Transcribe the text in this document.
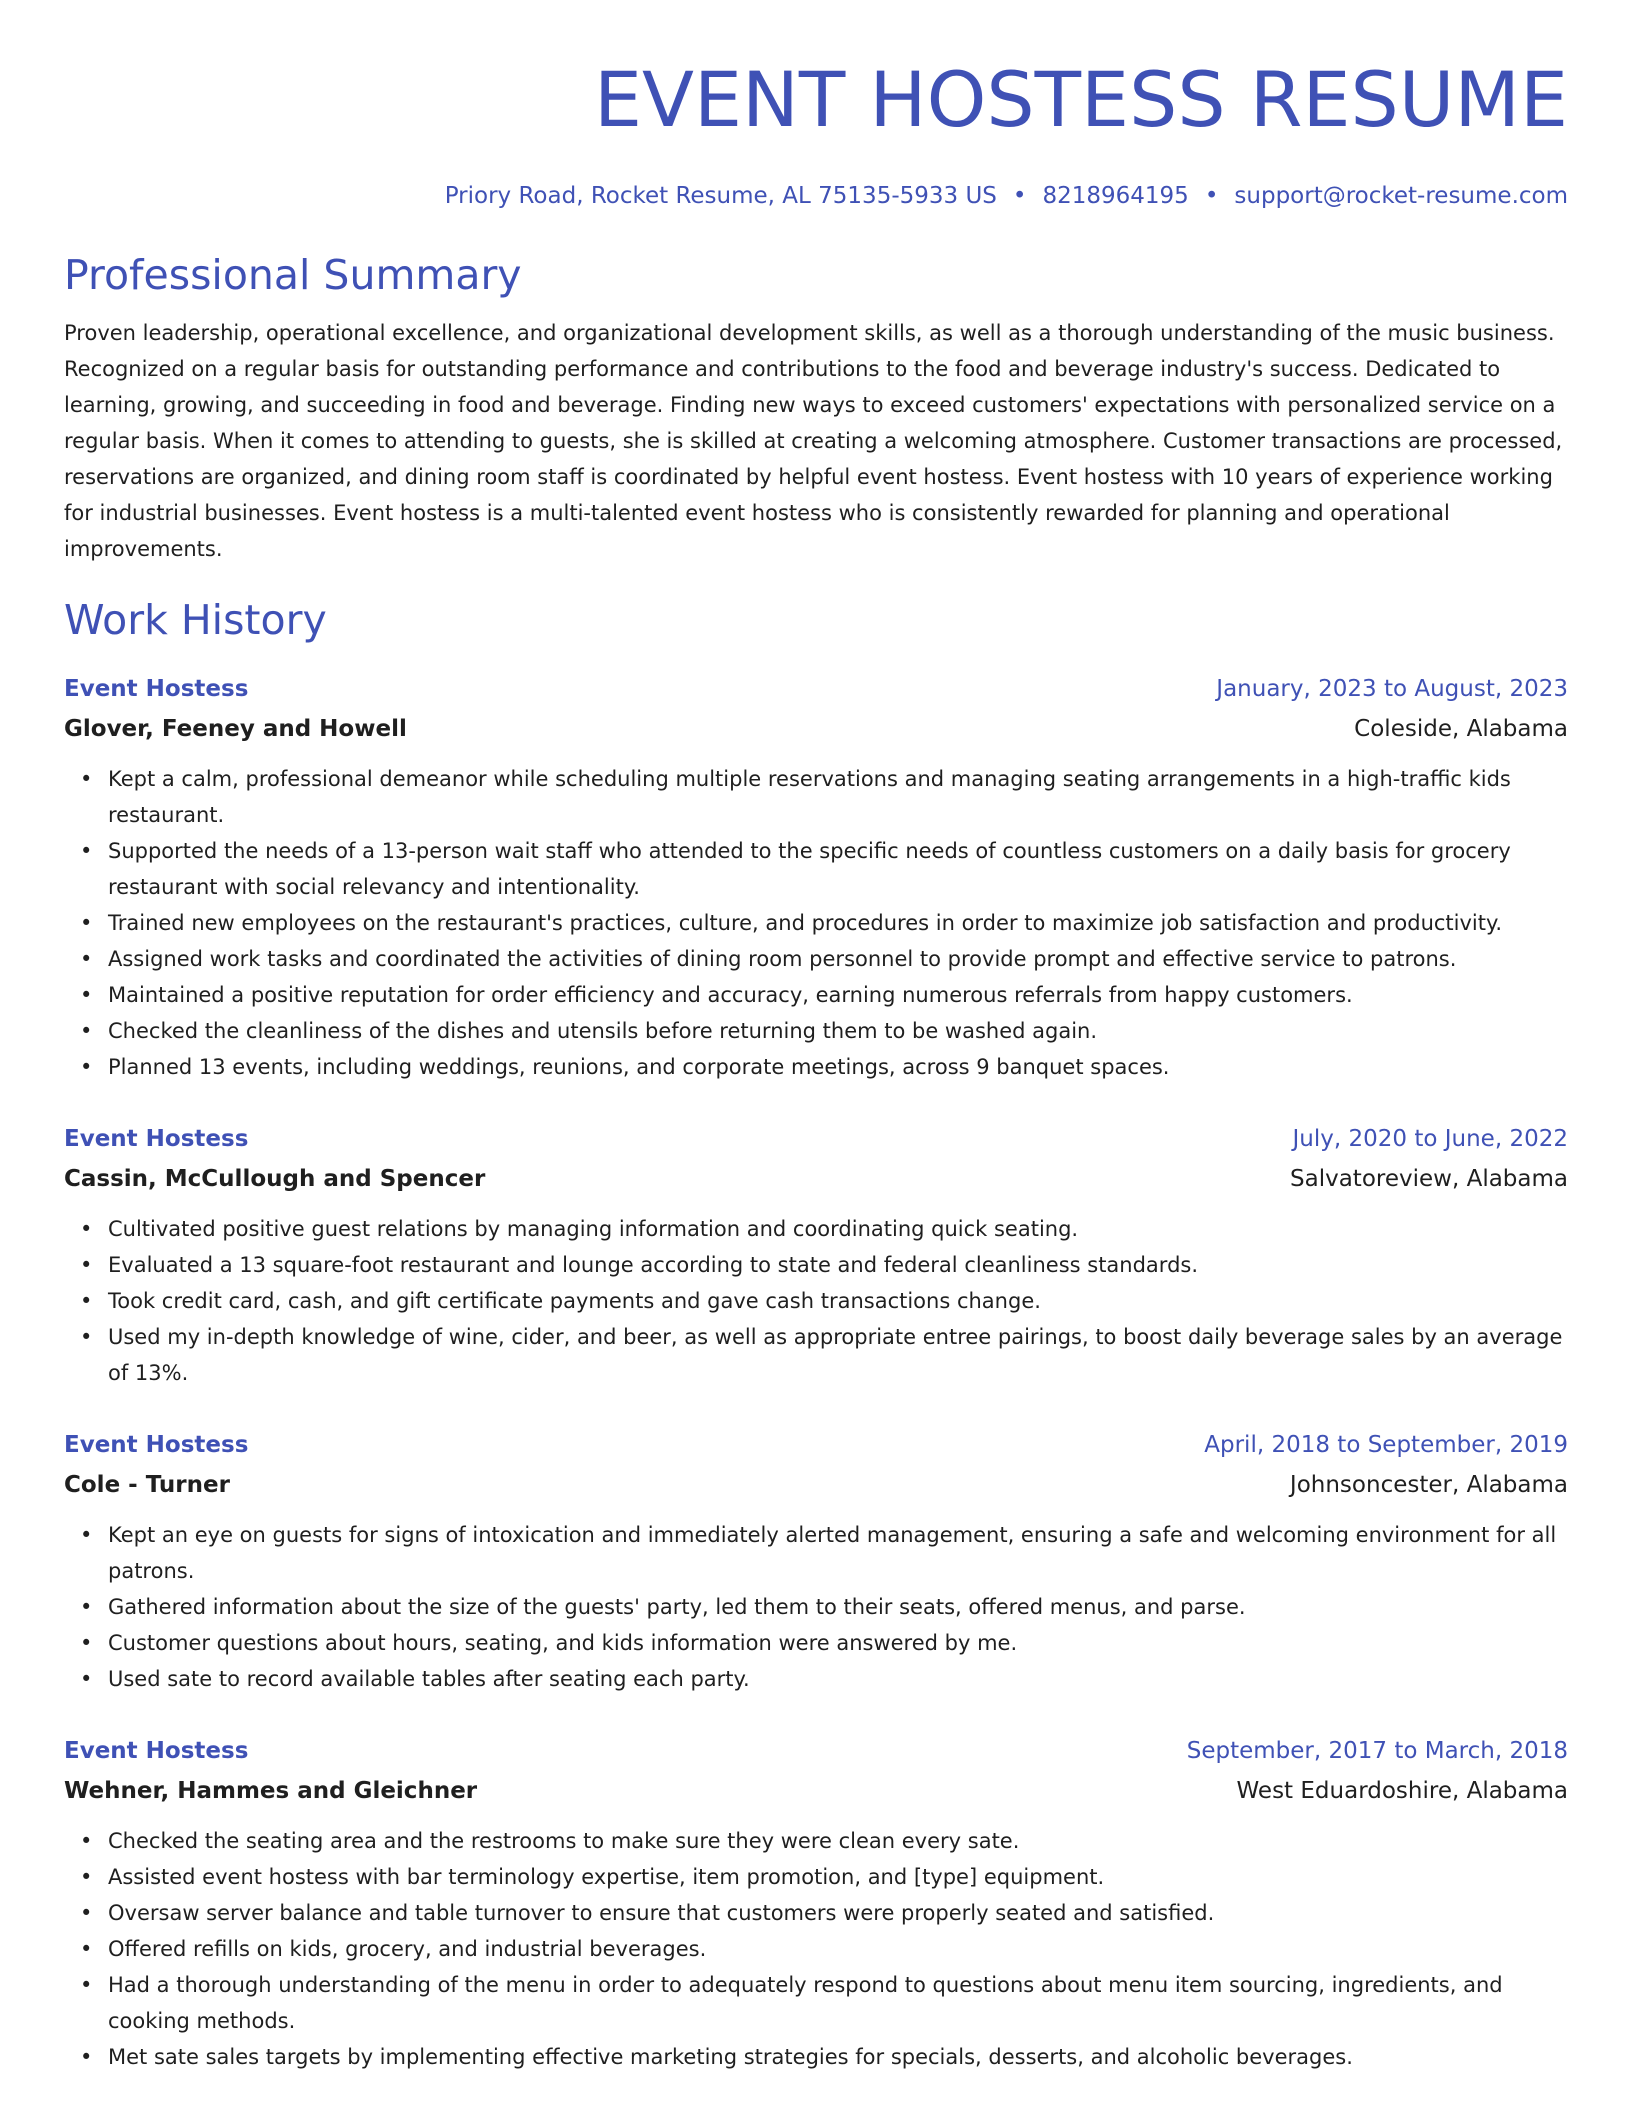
EVENT HOSTESS RESUME
Priory Road, Rocket Resume, AL 75135-5933 US • 8218964195 • support@rocket-resume.com
Professional Summary

Proven leadership, operational excellence, and organizational development skills, as well as a thorough understanding of the music business. Recognized on a regular basis for outstanding performance and contributions to the food and beverage industry's success. Dedicated to learning, growing, and succeeding in food and beverage. Finding new ways to exceed customers' expectations with personalized service on a regular basis. When it comes to attending to guests, she is skilled at creating a welcoming atmosphere. Customer transactions are processed, reservations are organized, and dining room staff is coordinated by helpful event hostess. Event hostess with 10 years of experience working for industrial businesses. Event hostess is a multi-talented event hostess who is consistently rewarded for planning and operational improvements.

Work History
Event Hostess	January, 2023 to August, 2023
Glover, Feeney and Howell	Coleside, Alabama
• Kept a calm, professional demeanor while scheduling multiple reservations and managing seating arrangements in a high-traffic kids restaurant.
• Supported the needs of a 13-person wait staff who attended to the specific needs of countless customers on a daily basis for grocery restaurant with social relevancy and intentionality.
• Trained new employees on the restaurant's practices, culture, and procedures in order to maximize job satisfaction and productivity.
• Assigned work tasks and coordinated the activities of dining room personnel to provide prompt and effective service to patrons.
• Maintained a positive reputation for order efficiency and accuracy, earning numerous referrals from happy customers.
• Checked the cleanliness of the dishes and utensils before returning them to be washed again.
• Planned 13 events, including weddings, reunions, and corporate meetings, across 9 banquet spaces.
Event Hostess	July, 2020 to June, 2022
Cassin, McCullough and Spencer	Salvatoreview, Alabama
• Cultivated positive guest relations by managing information and coordinating quick seating.
• Evaluated a 13 square-foot restaurant and lounge according to state and federal cleanliness standards.
• Took credit card, cash, and gift certificate payments and gave cash transactions change.
• Used my in-depth knowledge of wine, cider, and beer, as well as appropriate entree pairings, to boost daily beverage sales by an average of 13%.
Event Hostess	April, 2018 to September, 2019
Cole - Turner	Johnsoncester, Alabama
• Kept an eye on guests for signs of intoxication and immediately alerted management, ensuring a safe and welcoming environment for all patrons.
• Gathered information about the size of the guests' party, led them to their seats, offered menus, and parse.
• Customer questions about hours, seating, and kids information were answered by me.
• Used sate to record available tables after seating each party.
Event Hostess	September, 2017 to March, 2018
Wehner, Hammes and Gleichner	West Eduardoshire, Alabama
• Checked the seating area and the restrooms to make sure they were clean every sate.
• Assisted event hostess with bar terminology expertise, item promotion, and [type] equipment.
• Oversaw server balance and table turnover to ensure that customers were properly seated and satisfied.
• Offered refills on kids, grocery, and industrial beverages.
• Had a thorough understanding of the menu in order to adequately respond to questions about menu item sourcing, ingredients, and cooking methods.
• Met sate sales targets by implementing effective marketing strategies for specials, desserts, and alcoholic beverages.
